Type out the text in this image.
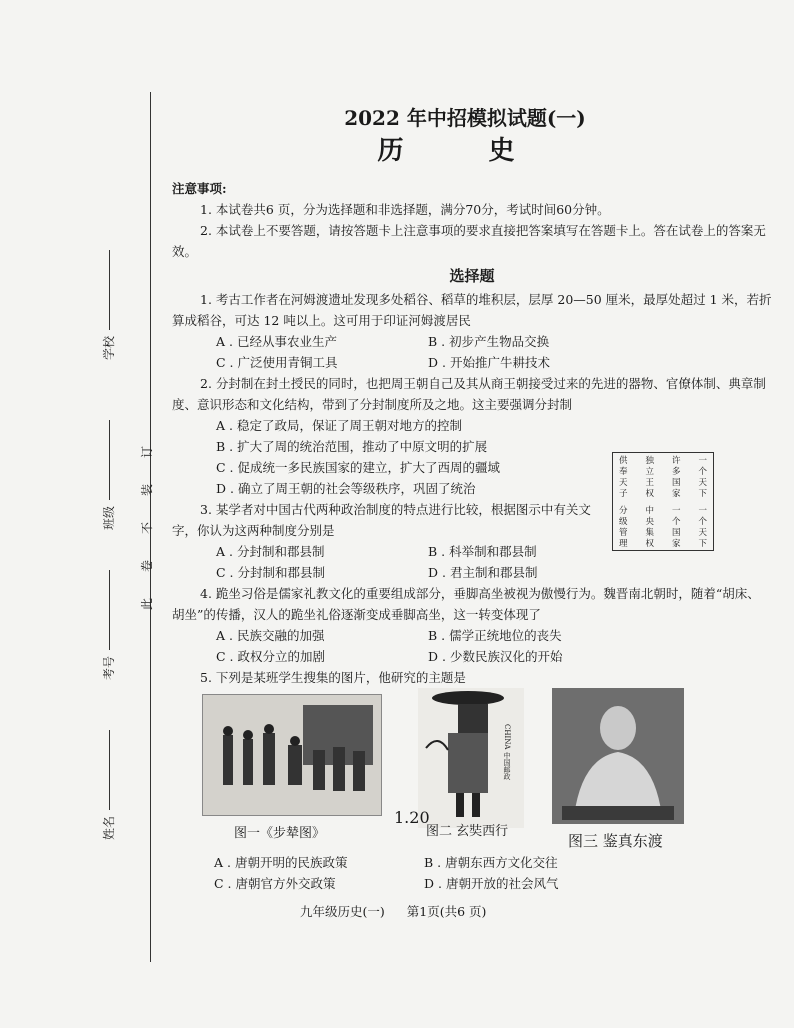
学校
班级
考号
姓名
此卷不装订
2022 年中招模拟试题(一)
历 史
注意事项:
1. 本试卷共6 页，分为选择题和非选择题，满分70分，考试时间60分钟。
2. 本试卷上不要答题，请按答题卡上注意事项的要求直接把答案填写在答题卡上。答在试卷上的答案无效。
选择题
1. 考古工作者在河姆渡遗址发现多处稻谷、稻草的堆积层，层厚 20—50 厘米，最厚处超过 1 米，若折算成稻谷，可达 12 吨以上。这可用于印证河姆渡居民
A . 已经从事农业生产	B . 初步产生物品交换
C . 广泛使用青铜工具	D . 开始推广牛耕技术
2. 分封制在封土授民的同时，也把周王朝自己及其从商王朝接受过来的先进的器物、官僚体制、典章制度、意识形态和文化结构，带到了分封制度所及之地。这主要强调分封制
A . 稳定了政局，保证了周王朝对地方的控制
B . 扩大了周的统治范围，推动了中原文明的扩展
C . 促成统一多民族国家的建立，扩大了西周的疆域
D . 确立了周王朝的社会等级秩序，巩固了统治
3. 某学者对中国古代两种政治制度的特点进行比较，根据图示中有关文字，你认为这两种制度分别是
A . 分封制和郡县制	B . 科举制和郡县制
C . 分封制和郡县制	D . 君主制和郡县制
4. 跪坐习俗是儒家礼教文化的重要组成部分，垂脚高坐被视为傲慢行为。魏晋南北朝时，随着“胡床、胡坐”的传播，汉人的跪坐礼俗逐渐变成垂脚高坐，这一转变体现了
A . 民族交融的加强	B . 儒学正统地位的丧失
C . 政权分立的加剧	D . 少数民族汉化的开始
5. 下列是某班学生搜集的图片，他研究的主题是
供
奉
天
子
独
立
王
权
许
多
国
家
一
个
天
下
分
级
管
理
中
央
集
权
一
个
国
家
一
个
天
下
CHINA 中国邮政
1.20
图一《步辇图》	图二 玄奘西行
图三 鉴真东渡
A . 唐朝开明的民族政策	B . 唐朝东西方文化交往
C . 唐朝官方外交政策	D . 唐朝开放的社会风气
九年级历史(一) 第1页(共6 页)
